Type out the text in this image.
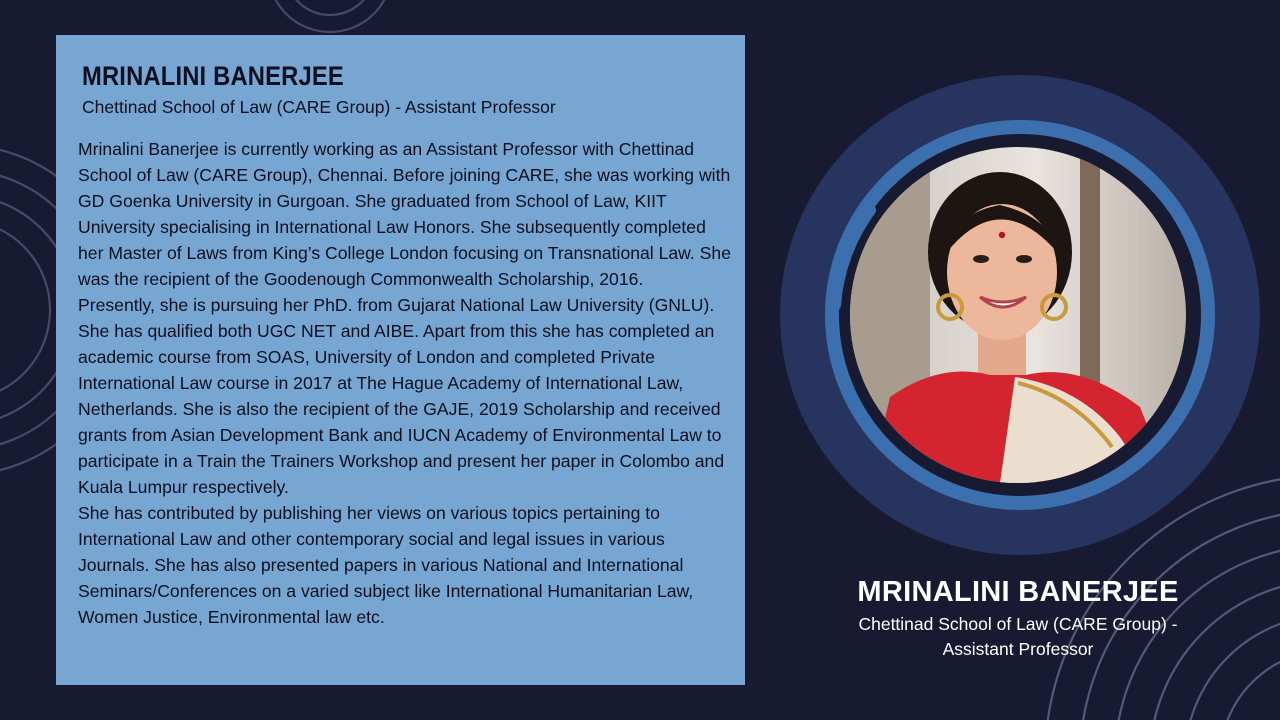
MRINALINI BANERJEE

Chettinad School of Law (CARE Group) - Assistant Professor

Mrinalini Banerjee is currently working as an Assistant Professor with Chettinad School of Law (CARE Group), Chennai. Before joining CARE, she was working with GD Goenka University in Gurgoan. She graduated from School of Law, KIIT University specialising in International Law Honors. She subsequently completed her Master of Laws from King’s College London focusing on Transnational Law. She was the recipient of the Goodenough Commonwealth Scholarship, 2016.

Presently, she is pursuing her PhD. from Gujarat National Law University (GNLU). She has qualified both UGC NET and AIBE. Apart from this she has completed an academic course from SOAS, University of London and completed Private International Law course in 2017 at The Hague Academy of International Law, Netherlands. She is also the recipient of the GAJE, 2019 Scholarship and received grants from Asian Development Bank and IUCN Academy of Environmental Law to participate in a Train the Trainers Workshop and present her paper in Colombo and Kuala Lumpur respectively.

She has contributed by publishing her views on various topics pertaining to International Law and other contemporary social and legal issues in various Journals. She has also presented papers in various National and International Seminars/Conferences on a varied subject like International Humanitarian Law, Women Justice, Environmental law etc.

MRINALINI BANERJEE

Chettinad School of Law (CARE Group) -
Assistant Professor
